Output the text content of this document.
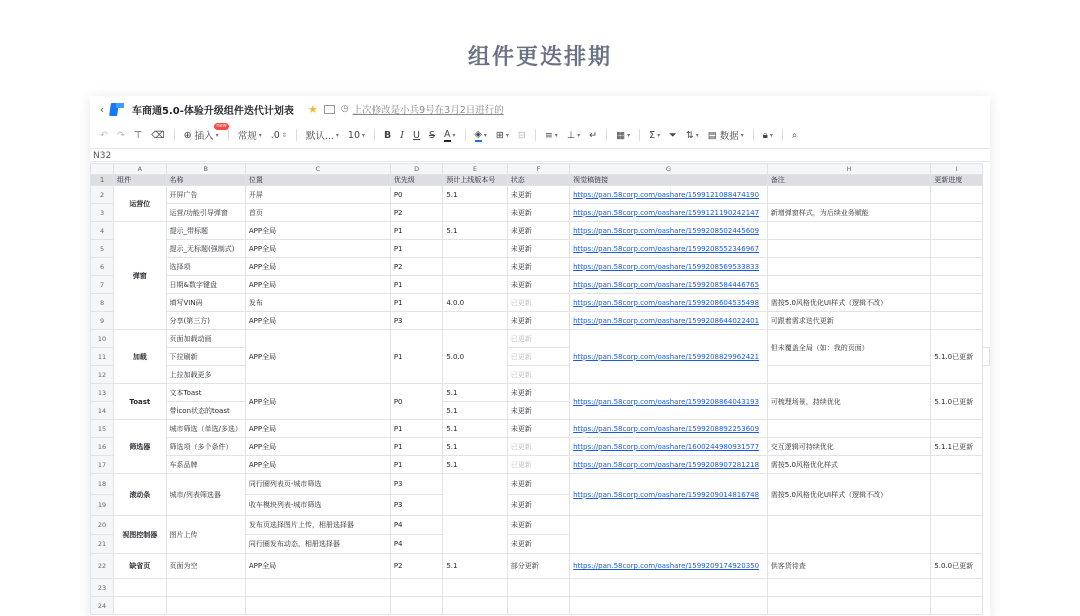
组件更迭排期
‹	车商通5.0-体验升级组件迭代计划表 ★	◷ 上次修改是小兵9号在3月2日进行的
↶ ↷ ⊤ ⌫ ⊕
插入
new
▾ 常规 ▾ .0 ⇕ 默认... ▾ 10 ▾ B I U S A ▾ ◈ ▾ ⊞ ▾ ⊟ ≡ ▾ ⊥ ▾ ↵ ▦ ▾ Σ ▾ ⏷ ⇅ ▾ ▤
数据 ▾ 🔒︎ ▾ ⌕
N32
	A	B	C	D	E	F	G	H	I	
1	组件	名称	位置	优先级	预计上线版本号	状态	视觉稿链接	备注	更新进度	
2	运营位	开屏广告	开屏	P0	5.1	未更新	https://pan.58corp.com/oashare/1599121088474190			
3		运营/功能引导弹窗	首页	P2		未更新	https://pan.58corp.com/oashare/1599121190242147	新增弹窗样式，为后续业务赋能		
4	弹窗	提示_带标题	APP全局	P1	5.1	未更新	https://pan.58corp.com/oashare/1599208502445609			
5		提示_无标题(强制式)	APP全局	P1		未更新	https://pan.58corp.com/oashare/1599208552346967			
6		选择项	APP全局	P2		未更新	https://pan.58corp.com/oashare/1599208569533833			
7		日期&数字键盘	APP全局	P1		未更新	https://pan.58corp.com/oashare/1599208584446765			
8		填写VIN码	发布	P1	4.0.0	已更新	https://pan.58corp.com/oashare/1599208604535498	需按5.0风格优化UI样式（逻辑不改）		
9		分享(第三方)	APP全局	P3		未更新	https://pan.58corp.com/oashare/1599208644022401	可跟着需求迭代更新		
10	加载	页面加载动画	APP全局	P1	5.0.0	已更新	https://pan.58corp.com/oashare/1599208829962421	但未覆盖全局（如：我的页面）	5.1.0已更新	
11		下拉刷新				已更新				
12		上拉加载更多				已更新				
13	Toast	文本Toast	APP全局	P0	5.1	未更新	https://pan.58corp.com/oashare/1599208864043193	可梳理场景，持续优化	5.1.0已更新	
14		带icon状态的toast			5.1	未更新				
15	筛选器	城市筛选（单选/多选）	APP全局	P1	5.1	未更新	https://pan.58corp.com/oashare/1599208892253609			
16		筛选项（多个条件）	APP全局	P1	5.1	已更新	https://pan.58corp.com/oashare/1600244980931577	交互逻辑可持续优化	5.1.1已更新	
17		车系品牌	APP全局	P1	5.1	已更新	https://pan.58corp.com/oashare/1599208907281218	需按5.0风格优化样式		
18	滚动条	城市/列表筛选器	同行圈列表页-城市筛选	P3		未更新	https://pan.58corp.com/oashare/1599209014816748	需按5.0风格优化UI样式（逻辑不改）		
19			收车模块列表-城市筛选	P3		未更新				
20	视图控制器	图片上传	发布页选择图片上传，相册选择器	P4		未更新				
21			同行圈发布动态，相册选择器	P4		未更新				
22	缺省页	页面为空	APP全局	P2	5.1	部分更新	https://pan.58corp.com/oashare/1599209174920350	供客货待查	5.0.0已更新	
23										
24										
